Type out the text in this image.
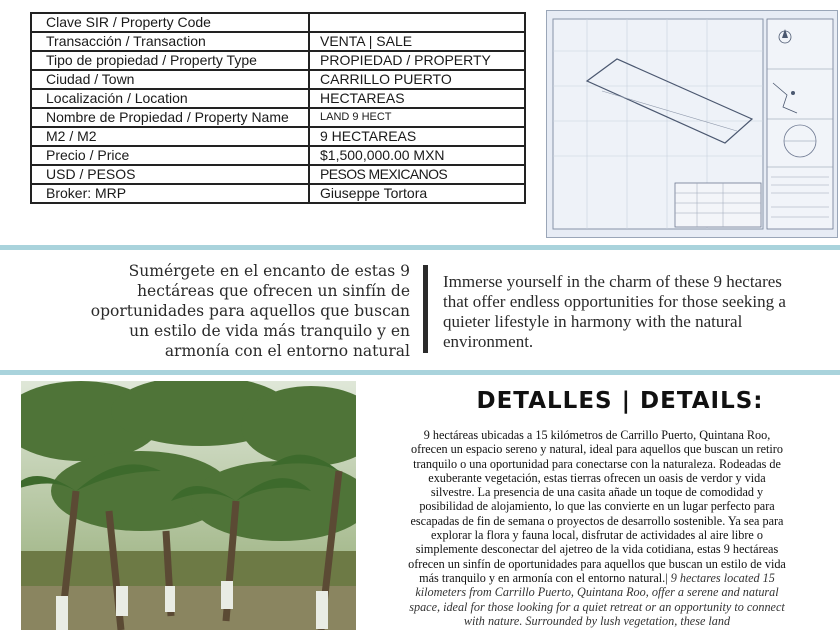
Clave SIR / Property Code	
Transacción / Transaction	VENTA | SALE
Tipo de propiedad / Property Type	PROPIEDAD / PROPERTY
Ciudad / Town	CARRILLO PUERTO
Localización / Location	HECTAREAS
Nombre de Propiedad / Property Name	LAND 9 HECT
M2 / M2	9 HECTAREAS
Precio / Price	$1,500,000.00 MXN
USD / PESOS	PESOS MEXICANOS
Broker: MRP	Giuseppe Tortora
Sumérgete en el encanto de estas 9 hectáreas que ofrecen un sinfín de oportunidades para aquellos que buscan un estilo de vida más tranquilo y en armonía con el entorno natural
Immerse yourself in the charm of these 9 hectares that offer endless opportunities for those seeking a quieter lifestyle in harmony with the natural environment.
DETALLES | DETAILS:
9 hectáreas ubicadas a 15 kilómetros de Carrillo Puerto, Quintana Roo, ofrecen un espacio sereno y natural, ideal para aquellos que buscan un retiro tranquilo o una oportunidad para conectarse con la naturaleza. Rodeadas de exuberante vegetación, estas tierras ofrecen un oasis de verdor y vida silvestre. La presencia de una casita añade un toque de comodidad y posibilidad de alojamiento, lo que las convierte en un lugar perfecto para escapadas de fin de semana o proyectos de desarrollo sostenible. Ya sea para explorar la flora y fauna local, disfrutar de actividades al aire libre o simplemente desconectar del ajetreo de la vida cotidiana, estas 9 hectáreas ofrecen un sinfín de oportunidades para aquellos que buscan un estilo de vida más tranquilo y en armonía con el entorno natural.| 9 hectares located 15 kilometers from Carrillo Puerto, Quintana Roo, offer a serene and natural space, ideal for those looking for a quiet retreat or an opportunity to connect with nature. Surrounded by lush vegetation, these land
